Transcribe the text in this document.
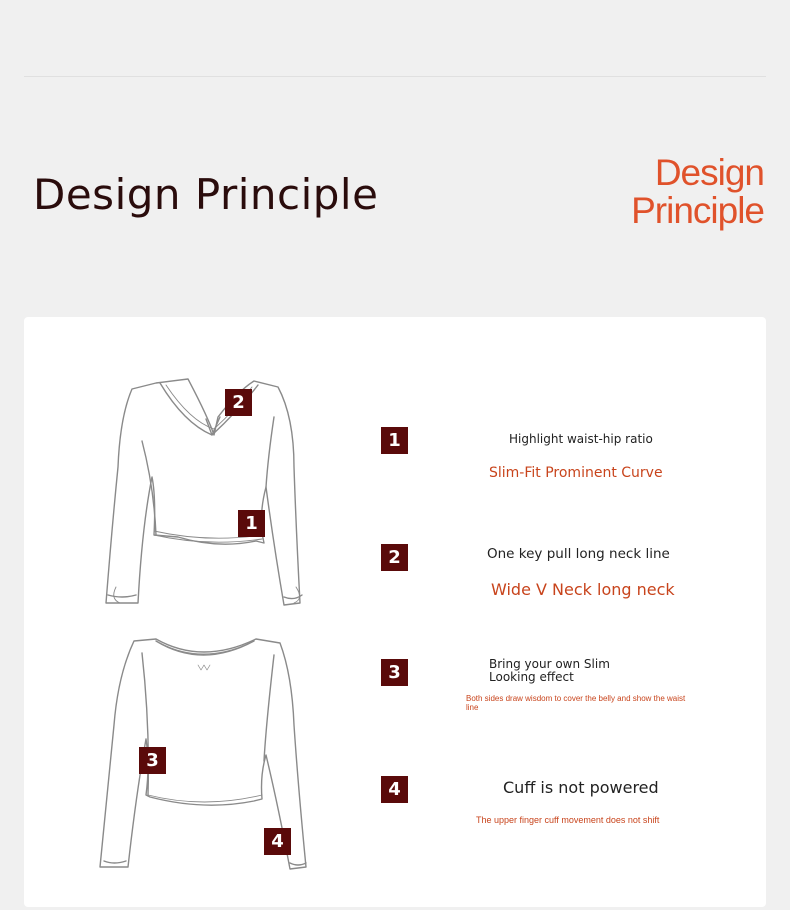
Design Principle	Design
Principle
2
1
3
4
1	Highlight waist-hip ratio
Slim-Fit Prominent Curve
2	One key pull long neck line
Wide V Neck long neck
3	Bring your own Slim Looking effect
Both sides draw wisdom to cover the belly and show the waist line
4	Cuff is not powered
The upper finger cuff movement does not shift
